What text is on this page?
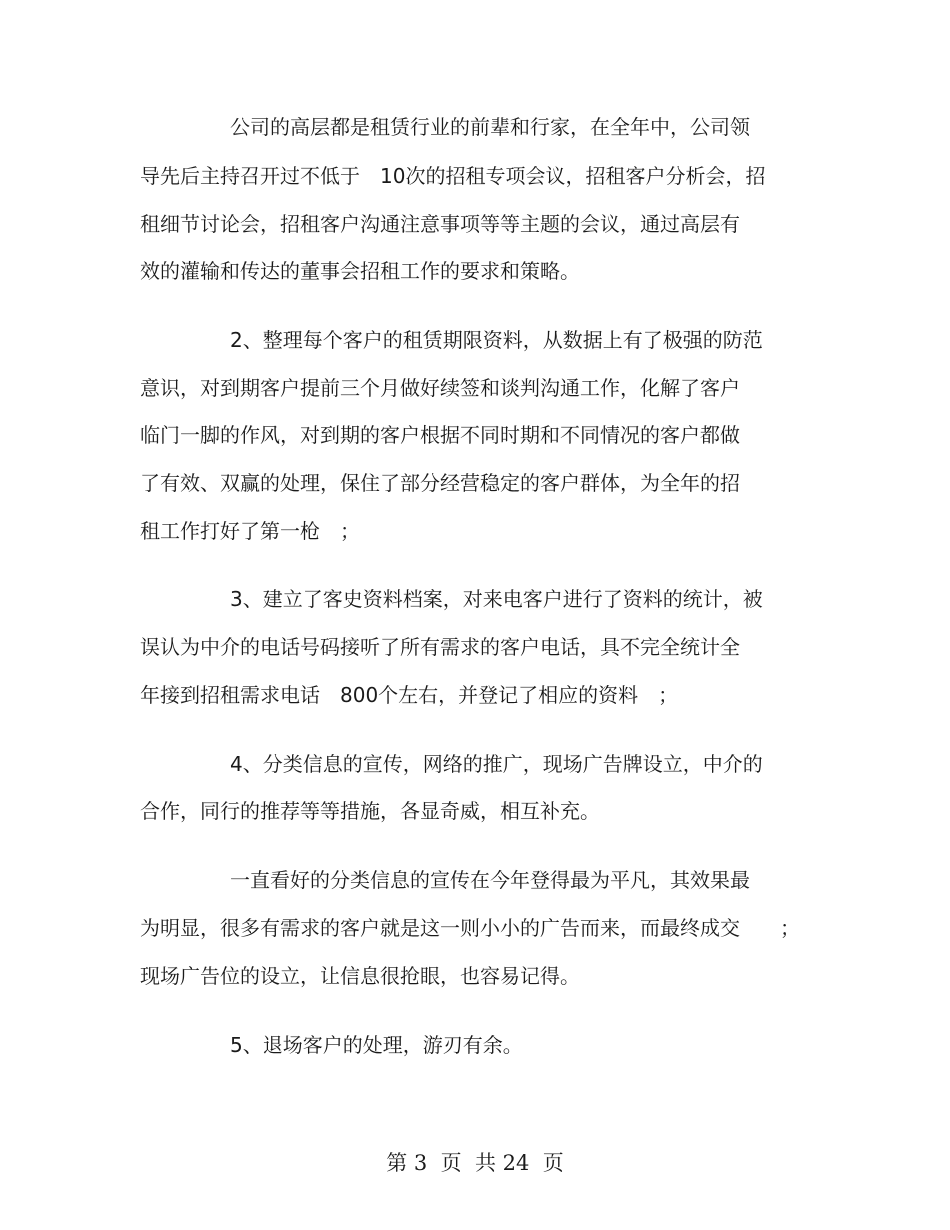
公司的高层都是租赁行业的前辈和行家，在全年中，公司领
导先后主持召开过不低于　10次的招租专项会议，招租客户分析会，招
租细节讨论会，招租客户沟通注意事项等等主题的会议，通过高层有
效的灌输和传达的董事会招租工作的要求和策略。
2、整理每个客户的租赁期限资料，从数据上有了极强的防范
意识，对到期客户提前三个月做好续签和谈判沟通工作，化解了客户
临门一脚的作风，对到期的客户根据不同时期和不同情况的客户都做
了有效、双赢的处理，保住了部分经营稳定的客户群体，为全年的招
租工作打好了第一枪　；
3、建立了客史资料档案，对来电客户进行了资料的统计，被
误认为中介的电话号码接听了所有需求的客户电话，具不完全统计全
年接到招租需求电话　800个左右，并登记了相应的资料　；
4、分类信息的宣传，网络的推广，现场广告牌设立，中介的
合作，同行的推荐等等措施，各显奇威，相互补充。
一直看好的分类信息的宣传在今年登得最为平凡，其效果最
为明显，很多有需求的客户就是这一则小小的广告而来，而最终成交　　；
现场广告位的设立，让信息很抢眼，也容易记得。
5、退场客户的处理，游刃有余。
第 3  页  共 24  页
